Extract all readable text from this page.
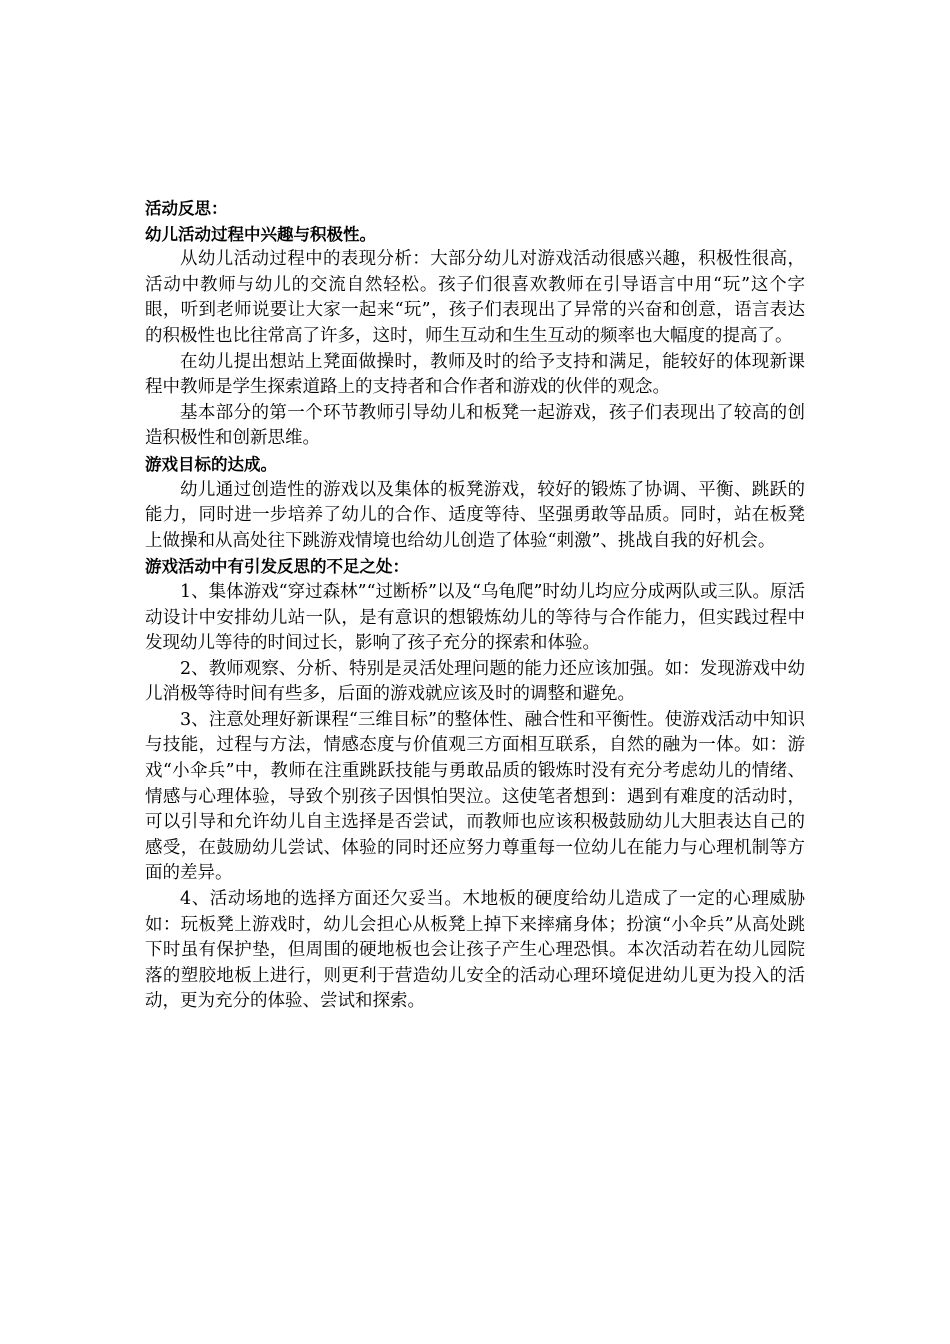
活动反思：
幼儿活动过程中兴趣与积极性。

从幼儿活动过程中的表现分析：大部分幼儿对游戏活动很感兴趣，积极性很高，活动中教师与幼儿的交流自然轻松。孩子们很喜欢教师在引导语言中用“玩”这个字眼，听到老师说要让大家一起来“玩”，孩子们表现出了异常的兴奋和创意，语言表达的积极性也比往常高了许多，这时，师生互动和生生互动的频率也大幅度的提高了。

在幼儿提出想站上凳面做操时，教师及时的给予支持和满足，能较好的体现新课程中教师是学生探索道路上的支持者和合作者和游戏的伙伴的观念。

基本部分的第一个环节教师引导幼儿和板凳一起游戏，孩子们表现出了较高的创造积极性和创新思维。

游戏目标的达成。

幼儿通过创造性的游戏以及集体的板凳游戏，较好的锻炼了协调、平衡、跳跃的能力，同时进一步培养了幼儿的合作、适度等待、坚强勇敢等品质。同时，站在板凳上做操和从高处往下跳游戏情境也给幼儿创造了体验“刺激”、挑战自我的好机会。

游戏活动中有引发反思的不足之处：

1、集体游戏“穿过森林”“过断桥”以及“乌龟爬”时幼儿均应分成两队或三队。原活动设计中安排幼儿站一队，是有意识的想锻炼幼儿的等待与合作能力，但实践过程中发现幼儿等待的时间过长，影响了孩子充分的探索和体验。

2、教师观察、分析、特别是灵活处理问题的能力还应该加强。如：发现游戏中幼儿消极等待时间有些多，后面的游戏就应该及时的调整和避免。

3、注意处理好新课程“三维目标”的整体性、融合性和平衡性。使游戏活动中知识与技能，过程与方法，情感态度与价值观三方面相互联系，自然的融为一体。如：游戏“小伞兵”中，教师在注重跳跃技能与勇敢品质的锻炼时没有充分考虑幼儿的情绪、情感与心理体验，导致个别孩子因惧怕哭泣。这使笔者想到：遇到有难度的活动时，可以引导和允许幼儿自主选择是否尝试，而教师也应该积极鼓励幼儿大胆表达自己的感受，在鼓励幼儿尝试、体验的同时还应努力尊重每一位幼儿在能力与心理机制等方面的差异。

4、活动场地的选择方面还欠妥当。木地板的硬度给幼儿造成了一定的心理威胁如：玩板凳上游戏时，幼儿会担心从板凳上掉下来摔痛身体；扮演“小伞兵”从高处跳下时虽有保护垫，但周围的硬地板也会让孩子产生心理恐惧。本次活动若在幼儿园院落的塑胶地板上进行，则更利于营造幼儿安全的活动心理环境促进幼儿更为投入的活动，更为充分的体验、尝试和探索。
